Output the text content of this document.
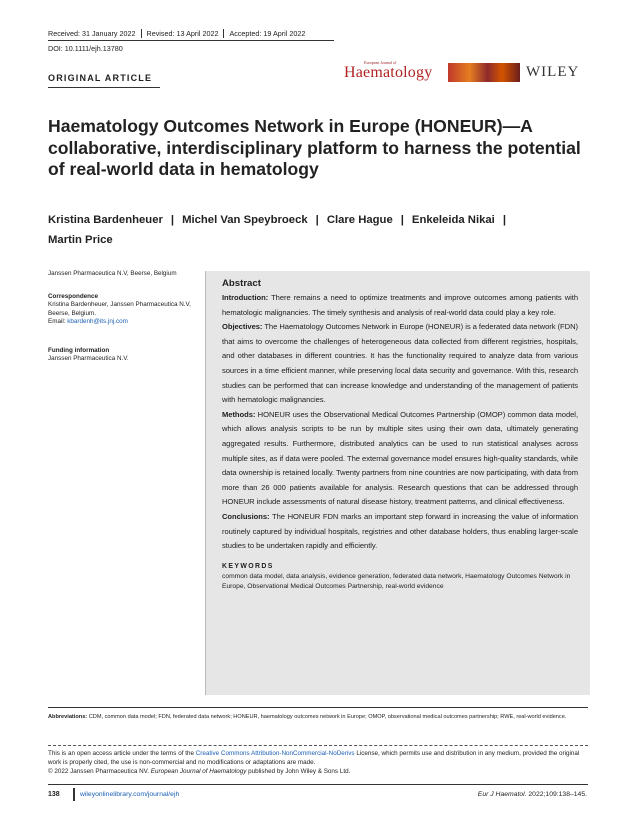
Received: 31 January 2022	Revised: 13 April 2022	Accepted: 19 April 2022
DOI: 10.1111/ejh.13780
ORIGINAL ARTICLE
European Journal of
Haematology	WILEY
Haematology Outcomes Network in Europe (HONEUR)—A collaborative, interdisciplinary platform to harness the potential of real-world data in hematology

Kristina Bardenheuer | Michel Van Speybroeck | Clare Hague | Enkeleida Nikai |
Martin Price

Janssen Pharmaceutica N.V, Beerse, Belgium
Correspondence
Kristina Bardenheuer, Janssen Pharmaceutica N.V, Beerse, Belgium.
Email: kbardenh@its.jnj.com
Funding information
Janssen Pharmaceutica N.V.
Abstract

Introduction: There remains a need to optimize treatments and improve outcomes among patients with hematologic malignancies. The timely synthesis and analysis of real-world data could play a key role.

Objectives: The Haematology Outcomes Network in Europe (HONEUR) is a federated data network (FDN) that aims to overcome the challenges of heterogeneous data collected from different registries, hospitals, and other databases in different countries. It has the functionality required to analyze data from various sources in a time efficient manner, while preserving local data security and governance. With this, research studies can be performed that can increase knowledge and understanding of the management of patients with hematologic malignancies.

Methods: HONEUR uses the Observational Medical Outcomes Partnership (OMOP) common data model, which allows analysis scripts to be run by multiple sites using their own data, ultimately generating aggregated results. Furthermore, distributed analytics can be used to run statistical analyses across multiple sites, as if data were pooled. The external governance model ensures high-quality standards, while data ownership is retained locally. Twenty partners from nine countries are now participating, with data from more than 26 000 patients available for analysis. Research questions that can be addressed through HONEUR include assessments of natural disease history, treatment patterns, and clinical effectiveness.

Conclusions: The HONEUR FDN marks an important step forward in increasing the value of information routinely captured by individual hospitals, registries and other database holders, thus enabling larger-scale studies to be undertaken rapidly and efficiently.

KEYWORDS
common data model, data analysis, evidence generation, federated data network, Haematology Outcomes Network in Europe, Observational Medical Outcomes Partnership, real-world evidence
Abbreviations: CDM, common data model; FDN, federated data network; HONEUR, haematology outcomes network in Europe; OMOP, observational medical outcomes partnership; RWE, real-world evidence.
This is an open access article under the terms of the Creative Commons Attribution-NonCommercial-NoDerivs License, which permits use and distribution in any medium, provided the original work is properly cited, the use is non-commercial and no modifications or adaptations are made.
© 2022 Janssen Pharmaceutica NV. European Journal of Haematology published by John Wiley & Sons Ltd.
138	wileyonlinelibrary.com/journal/ejh	Eur J Haematol. 2022;109:138–145.
